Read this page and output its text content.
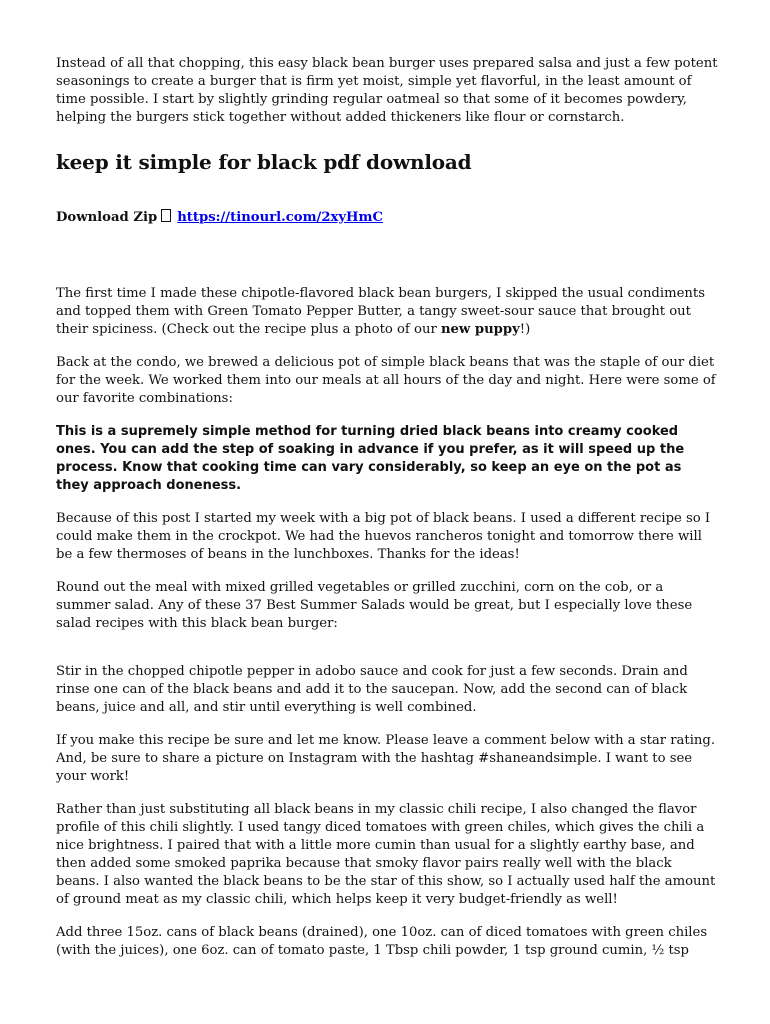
Instead of all that chopping, this easy black bean burger uses prepared salsa and just a few potent seasonings to create a burger that is firm yet moist, simple yet flavorful, in the least amount of time possible. I start by slightly grinding regular oatmeal so that some of it becomes powdery, helping the burgers stick together without added thickeners like flour or cornstarch.

keep it simple for black pdf download
Download Zip https://tinourl.com/2xyHmC

The first time I made these chipotle-flavored black bean burgers, I skipped the usual condiments and topped them with Green Tomato Pepper Butter, a tangy sweet-sour sauce that brought out their spiciness. (Check out the recipe plus a photo of our new puppy!)

Back at the condo, we brewed a delicious pot of simple black beans that was the staple of our diet for the week. We worked them into our meals at all hours of the day and night. Here were some of our favorite combinations:

This is a supremely simple method for turning dried black beans into creamy cooked ones. You can add the step of soaking in advance if you prefer, as it will speed up the process. Know that cooking time can vary considerably, so keep an eye on the pot as they approach doneness.

Because of this post I started my week with a big pot of black beans. I used a different recipe so I could make them in the crockpot. We had the huevos rancheros tonight and tomorrow there will be a few thermoses of beans in the lunchboxes. Thanks for the ideas!

Round out the meal with mixed grilled vegetables or grilled zucchini, corn on the cob, or a summer salad. Any of these 37 Best Summer Salads would be great, but I especially love these salad recipes with this black bean burger:

Stir in the chopped chipotle pepper in adobo sauce and cook for just a few seconds. Drain and rinse one can of the black beans and add it to the saucepan. Now, add the second can of black beans, juice and all, and stir until everything is well combined.

If you make this recipe be sure and let me know. Please leave a comment below with a star rating. And, be sure to share a picture on Instagram with the hashtag #shaneandsimple. I want to see your work!

Rather than just substituting all black beans in my classic chili recipe, I also changed the flavor profile of this chili slightly. I used tangy diced tomatoes with green chiles, which gives the chili a nice brightness. I paired that with a little more cumin than usual for a slightly earthy base, and then added some smoked paprika because that smoky flavor pairs really well with the black beans. I also wanted the black beans to be the star of this show, so I actually used half the amount of ground meat as my classic chili, which helps keep it very budget-friendly as well!

Add three 15oz. cans of black beans (drained), one 10oz. can of diced tomatoes with green chiles (with the juices), one 6oz. can of tomato paste, 1 Tbsp chili powder, 1 tsp ground cumin, ½ tsp
